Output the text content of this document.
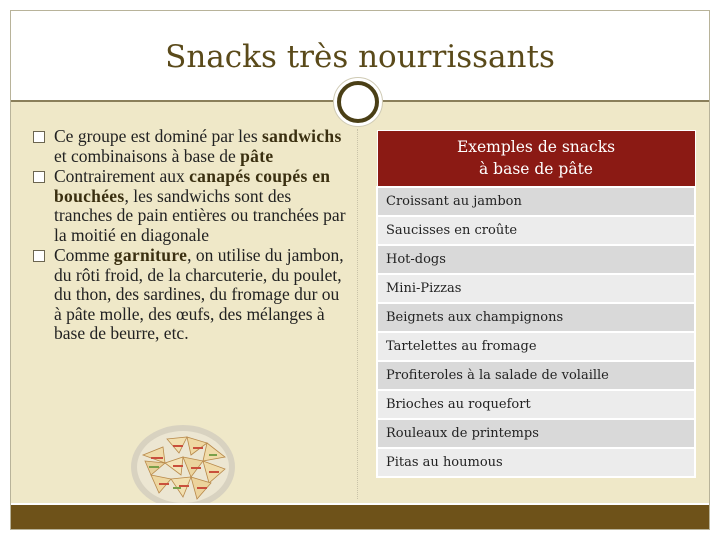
Snacks très nourrissants
Ce groupe est dominé par les sandwichs et combinaisons à base de pâte
Contrairement aux canapés coupés en bouchées, les sandwichs sont des tranches de pain entières ou tranchées par la moitié en diagonale
Comme garniture, on utilise du jambon, du rôti froid, de la charcuterie, du poulet, du thon, des sardines, du fromage dur ou à pâte molle, des œufs, des mélanges à base de beurre, etc.
Exemples de snacks
à base de pâte
Croissant au jambon
Saucisses en croûte
Hot-dogs
Mini-Pizzas
Beignets aux champignons
Tartelettes au fromage
Profiteroles à la salade de volaille
Brioches au roquefort
Rouleaux de printemps
Pitas au houmous
